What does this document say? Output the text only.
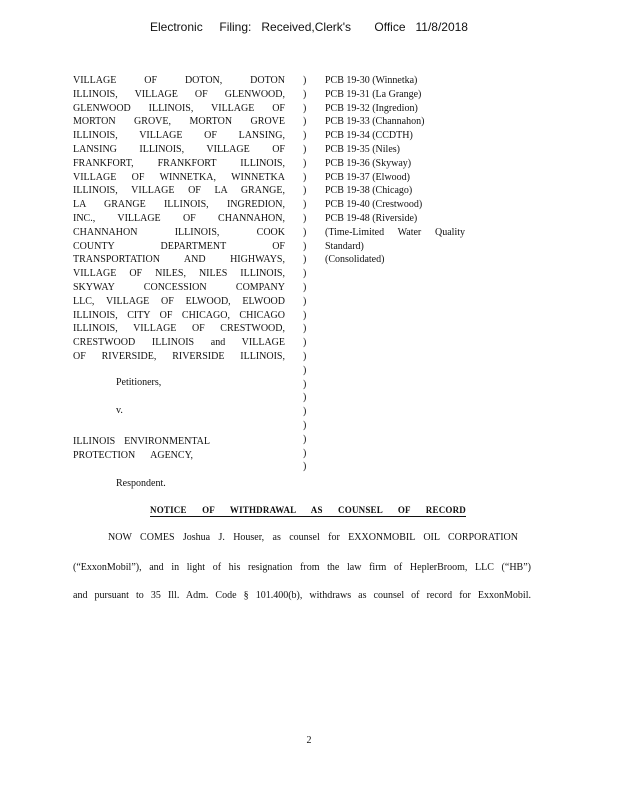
Electronic     Filing:   Received,Clerk's       Office   11/8/2018
VILLAGE OF DOTON, DOTON
ILLINOIS, VILLAGE OF GLENWOOD,
GLENWOOD ILLINOIS, VILLAGE OF
MORTON GROVE, MORTON GROVE
ILLINOIS, VILLAGE OF LANSING,
LANSING ILLINOIS, VILLAGE OF
FRANKFORT, FRANKFORT ILLINOIS,
VILLAGE OF WINNETKA, WINNETKA
ILLINOIS, VILLAGE OF LA GRANGE,
LA GRANGE ILLINOIS, INGREDION,
INC., VILLAGE OF CHANNAHON,
CHANNAHON ILLINOIS, COOK
COUNTY DEPARTMENT OF
TRANSPORTATION AND HIGHWAYS,
VILLAGE OF NILES, NILES ILLINOIS,
SKYWAY CONCESSION COMPANY
LLC, VILLAGE OF ELWOOD, ELWOOD
ILLINOIS, CITY OF CHICAGO, CHICAGO
ILLINOIS, VILLAGE OF CRESTWOOD,
CRESTWOOD ILLINOIS and VILLAGE
OF RIVERSIDE, RIVERSIDE ILLINOIS,
Petitioners,
v.
ILLINOIS ENVIRONMENTAL
PROTECTION AGENCY,
Respondent.
)
)
)
)
)
)
)
)
)
)
)
)
)
)
)
)
)
)
)
)
)
)
)
)
)
)
)
)
)
PCB 19-30 (Winnetka)
PCB 19-31 (La Grange)
PCB 19-32 (Ingredion)
PCB 19-33 (Channahon)
PCB 19-34 (CCDTH)
PCB 19-35 (Niles)
PCB 19-36 (Skyway)
PCB 19-37 (Elwood)
PCB 19-38 (Chicago)
PCB 19-40 (Crestwood)
PCB 19-48 (Riverside)
(Time-Limited Water Quality
Standard)
(Consolidated)
NOTICE OF WITHDRAWAL AS COUNSEL OF RECORD
NOW COMES Joshua J. Houser, as counsel for EXXONMOBIL OIL CORPORATION
(“ExxonMobil”), and in light of his resignation from the law firm of HeplerBroom, LLC (“HB”)
and pursuant to 35 Ill. Adm. Code § 101.400(b), withdraws as counsel of record for ExxonMobil.
2
